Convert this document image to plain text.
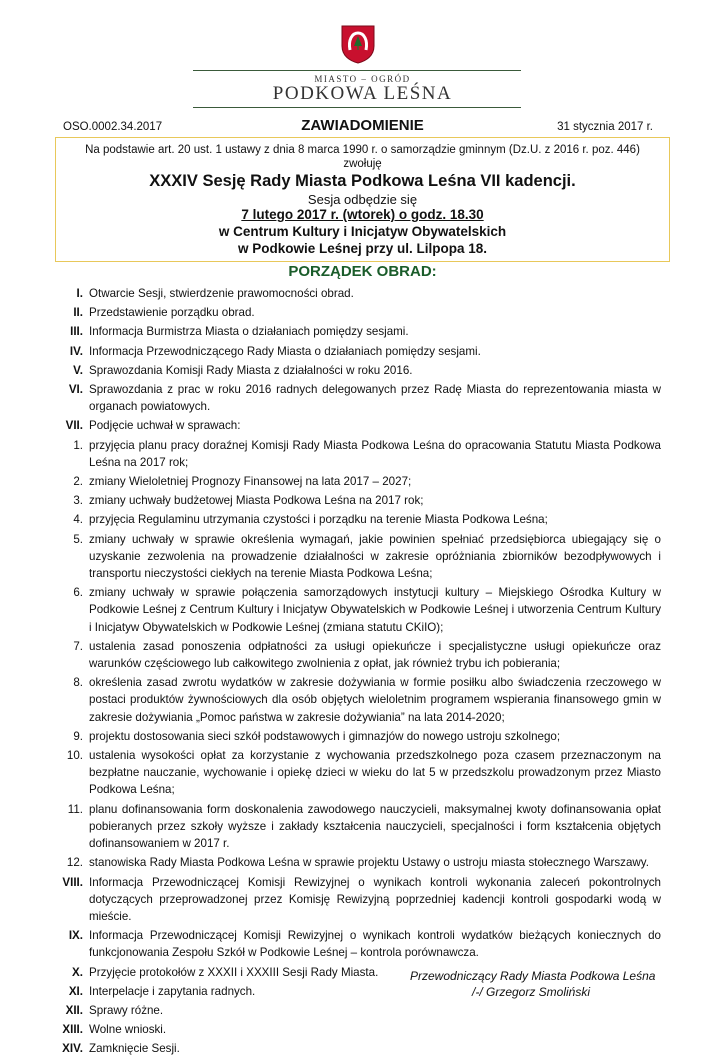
MIASTO – OGRÓD
PODKOWA LEŚNA
OSO.0002.34.2017	ZAWIADOMIENIE	31 stycznia 2017 r.

Na podstawie art. 20 ust. 1 ustawy z dnia 8 marca 1990 r. o samorządzie gminnym (Dz.U. z 2016 r. poz. 446)

zwołuję

XXXIV Sesję Rady Miasta Podkowa Leśna VII kadencji.

Sesja odbędzie się

7 lutego 2017 r. (wtorek) o godz. 18.30

w Centrum Kultury i Inicjatyw Obywatelskich

w Podkowie Leśnej przy ul. Lilpopa 18.

PORZĄDEK OBRAD:
I. Otwarcie Sesji, stwierdzenie prawomocności obrad.
II. Przedstawienie porządku obrad.
III. Informacja Burmistrza Miasta o działaniach pomiędzy sesjami.
IV. Informacja Przewodniczącego Rady Miasta o działaniach pomiędzy sesjami.
V. Sprawozdania Komisji Rady Miasta z działalności w roku 2016.
VI. Sprawozdania z prac w roku 2016 radnych delegowanych przez Radę Miasta do reprezentowania miasta w organach powiatowych.
VII. Podjęcie uchwał w sprawach:
1. przyjęcia planu pracy doraźnej Komisji Rady Miasta Podkowa Leśna do opracowania Statutu Miasta Podkowa Leśna na 2017 rok;
2. zmiany Wieloletniej Prognozy Finansowej na lata 2017 – 2027;
3. zmiany uchwały budżetowej Miasta Podkowa Leśna na 2017 rok;
4. przyjęcia Regulaminu utrzymania czystości i porządku na terenie Miasta Podkowa Leśna;
5. zmiany uchwały w sprawie określenia wymagań, jakie powinien spełniać przedsiębiorca ubiegający się o uzyskanie zezwolenia na prowadzenie działalności w zakresie opróżniania zbiorników bezodpływowych i transportu nieczystości ciekłych na terenie Miasta Podkowa Leśna;
6. zmiany uchwały w sprawie połączenia samorządowych instytucji kultury – Miejskiego Ośrodka Kultury w Podkowie Leśnej z Centrum Kultury i Inicjatyw Obywatelskich w Podkowie Leśnej i utworzenia Centrum Kultury i Inicjatyw Obywatelskich w Podkowie Leśnej (zmiana statutu CKiIO);
7. ustalenia zasad ponoszenia odpłatności za usługi opiekuńcze i specjalistyczne usługi opiekuńcze oraz warunków częściowego lub całkowitego zwolnienia z opłat, jak również trybu ich pobierania;
8. określenia zasad zwrotu wydatków w zakresie dożywiania w formie posiłku albo świadczenia rzeczowego w postaci produktów żywnościowych dla osób objętych wieloletnim programem wspierania finansowego gmin w zakresie dożywiania „Pomoc państwa w zakresie dożywiania” na lata 2014-2020;
9. projektu dostosowania sieci szkół podstawowych i gimnazjów do nowego ustroju szkolnego;
10. ustalenia wysokości opłat za korzystanie z wychowania przedszkolnego poza czasem przeznaczonym na bezpłatne nauczanie, wychowanie i opiekę dzieci w wieku do lat 5 w przedszkolu prowadzonym przez Miasto Podkowa Leśna;
11. planu dofinansowania form doskonalenia zawodowego nauczycieli, maksymalnej kwoty dofinansowania opłat pobieranych przez szkoły wyższe i zakłady kształcenia nauczycieli, specjalności i form kształcenia objętych dofinansowaniem w 2017 r.
12. stanowiska Rady Miasta Podkowa Leśna w sprawie projektu Ustawy o ustroju miasta stołecznego Warszawy.
VIII. Informacja Przewodniczącej Komisji Rewizyjnej o wynikach kontroli wykonania zaleceń pokontrolnych dotyczących przeprowadzonej przez Komisję Rewizyjną poprzedniej kadencji kontroli gospodarki wodą w mieście.
IX. Informacja Przewodniczącej Komisji Rewizyjnej o wynikach kontroli wydatków bieżących koniecznych do funkcjonowania Zespołu Szkół w Podkowie Leśnej – kontrola porównawcza.
X. Przyjęcie protokołów z XXXII i XXXIII Sesji Rady Miasta.
XI. Interpelacje i zapytania radnych.
XII. Sprawy różne.
XIII. Wolne wnioski.
XIV. Zamknięcie Sesji.
Przewodniczący Rady Miasta Podkowa Leśna
/-/ Grzegorz Smoliński
